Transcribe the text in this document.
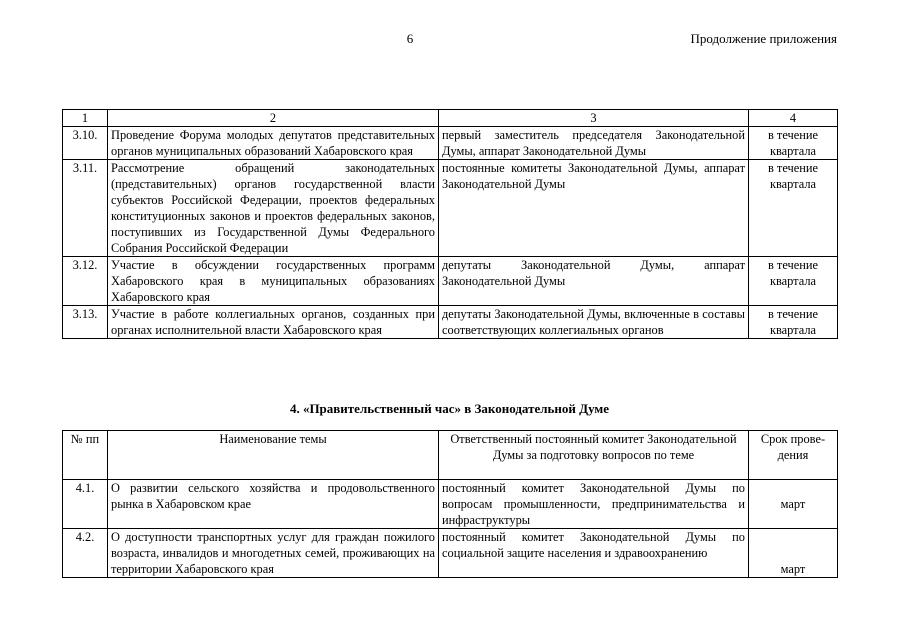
6	Продолжение приложения
1	2	3	4
3.10.	Проведение Форума молодых депутатов представительных органов муниципальных образований Хабаровского края	первый заместитель председателя Законодательной Думы, аппарат Законодательной Думы	в течение квартала
3.11.	Рассмотрение обращений законодательных (представительных) органов государственной власти субъектов Российской Федерации, проектов федеральных конституционных законов и проектов федеральных законов, поступивших из Государственной Думы Федерального Собрания Российской Федерации	постоянные комитеты Законодательной Думы, аппарат Законодательной Думы	в течение квартала
3.12.	Участие в обсуждении государственных программ Хабаровского края в муниципальных образованиях Хабаровского края	депутаты Законодательной Думы, аппарат Законодательной Думы	в течение квартала
3.13.	Участие в работе коллегиальных органов, созданных при органах исполнительной власти Хабаровского края	депутаты Законодательной Думы, включенные в составы соответствующих коллегиальных органов	в течение квартала
4. «Правительственный час» в Законодательной Думе
№ пп	Наименование темы	Ответственный постоянный комитет Законодательной Думы за подготовку вопросов по теме	Срок проведения
4.1.	О развитии сельского хозяйства и продовольственного рынка в Хабаровском крае	постоянный комитет Законодательной Думы по вопросам промышленности, предпринимательства и инфраструктуры	март
4.2.	О доступности транспортных услуг для граждан пожилого возраста, инвалидов и многодетных семей, проживающих на территории Хабаровского края	постоянный комитет Законодательной Думы по социальной защите населения и здравоохранению	март
